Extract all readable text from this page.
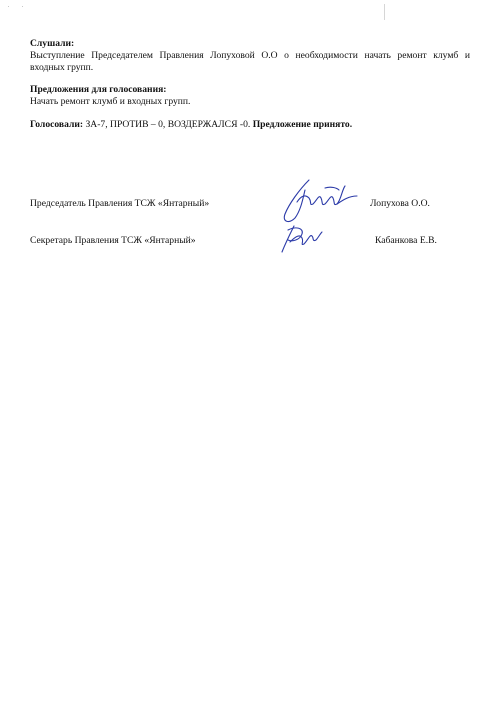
Слушали:
Выступление Председателем Правления Лопуховой О.О о необходимости начать ремонт клумб и
входных групп.
Предложения для голосования:
Начать ремонт клумб и входных групп.
Голосовали: ЗА-7, ПРОТИВ – 0, ВОЗДЕРЖАЛСЯ -0. Предложение принято.
Председатель Правления ТСЖ «Янтарный»	Лопухова О.О.
Секретарь Правления ТСЖ «Янтарный»	Кабанкова Е.В.
